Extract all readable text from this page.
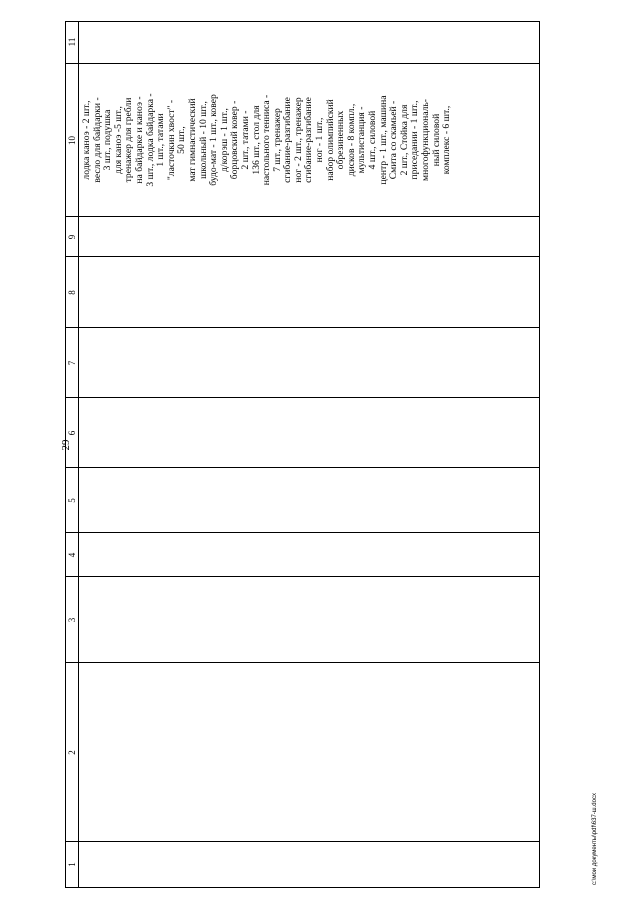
29
1
2
3
4
5
6
7
8
9
10
11
лодка каноэ - 2 шт., весло для байдарки - 3 шт., подушка для каноэ -5 шт., тренажер для гребли на байдарке и каноэ - 3 шт., лодка байдарка - 1 шт., татами "ласточкин хвост" - 50 шт., мат гимнастический школьный - 10 шт., будо-мат - 1 шт., ковер д/корэш - 1 шт., борцовский ковер - 2 шт., татами - 136 шт., стол для настольного тенниса - 7 шт., тренажер сгибание-разгибание ног - 2 шт., тренажер сгибание-разгибание ног - 1 шт., набор олимпийский обрезиненных дисков - 8 компл., мультистанция - 4 шт., силовой центр - 1 шт., машина Смита со скамьей - 2 шт., Стойка для приседании - 1 шт., многофункциональ- ный силовой комплекс - 6 шт.,
c:\мои документы\pdf\637-ш.docx
